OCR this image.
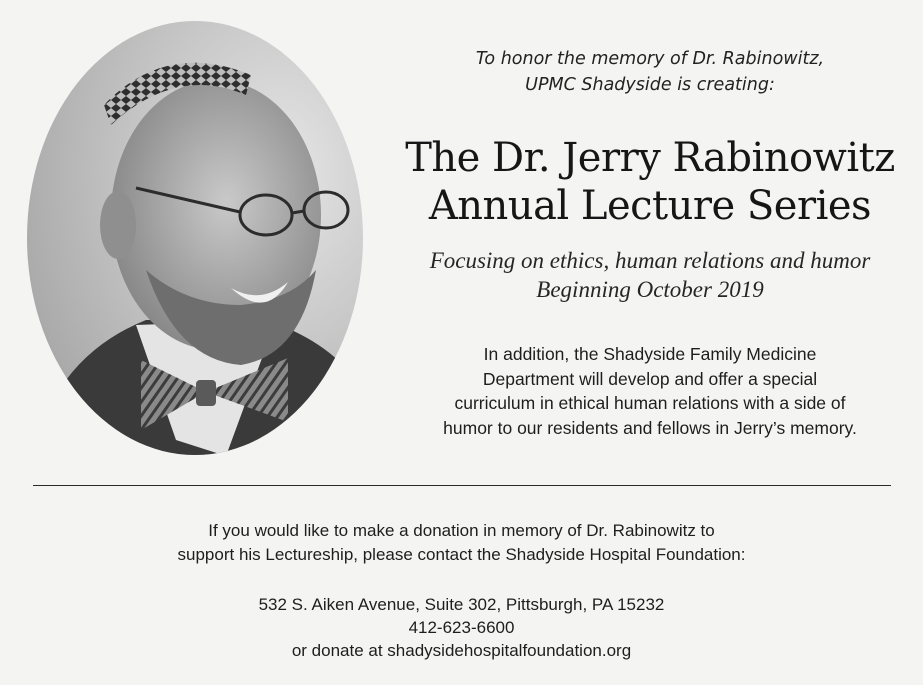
To honor the memory of Dr. Rabinowitz,
UPMC Shadyside is creating:
The Dr. Jerry Rabinowitz
Annual Lecture Series
Focusing on ethics, human relations and humor
Beginning October 2019
In addition, the Shadyside Family Medicine
Department will develop and offer a special
curriculum in ethical human relations with a side of
humor to our residents and fellows in Jerry’s memory.
If you would like to make a donation in memory of Dr. Rabinowitz to
support his Lectureship, please contact the Shadyside Hospital Foundation:
532 S. Aiken Avenue, Suite 302, Pittsburgh, PA 15232
412-623-6600
or donate at shadysidehospitalfoundation.org
